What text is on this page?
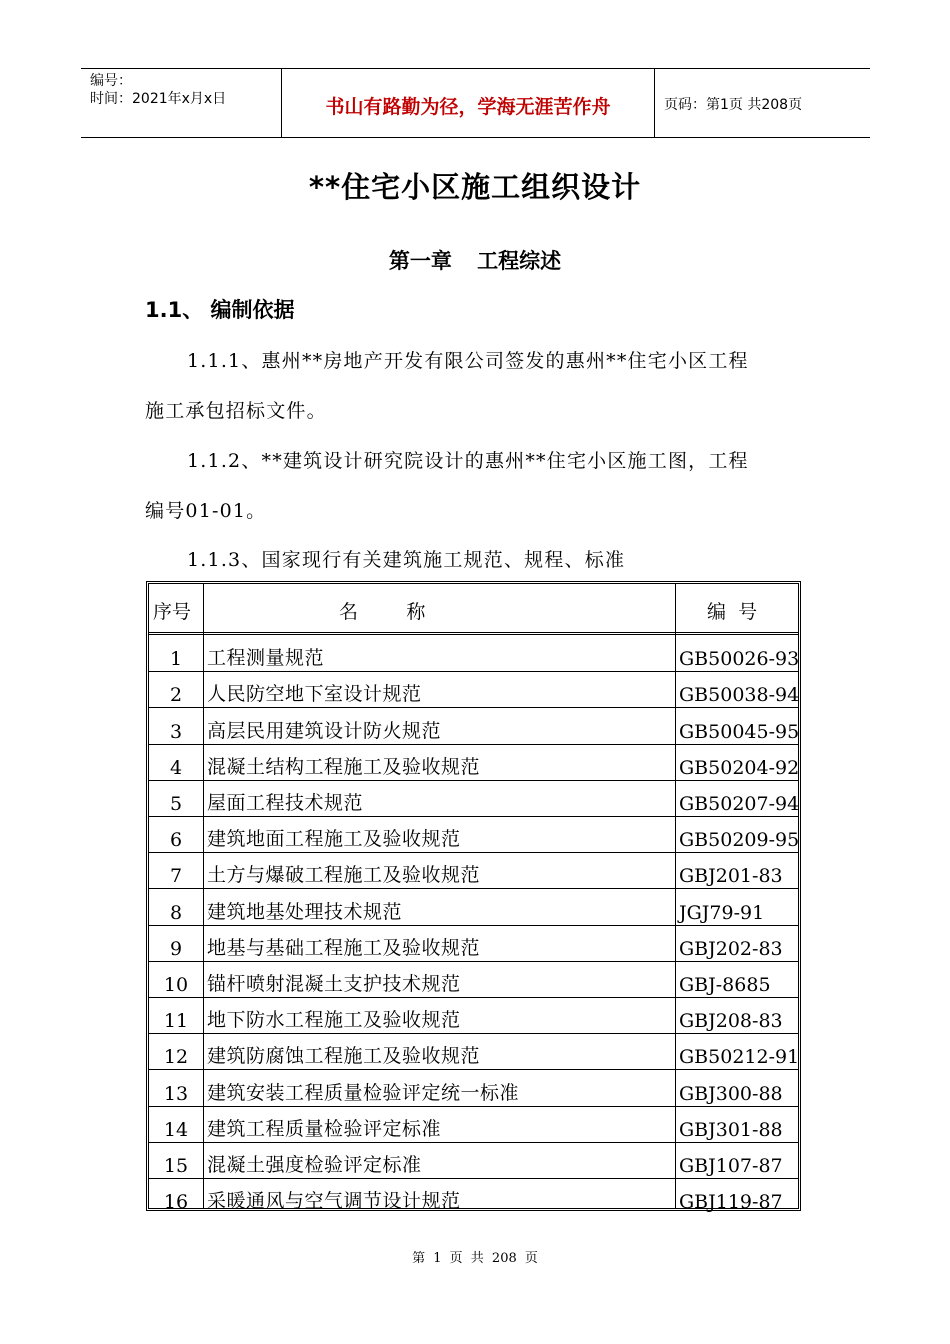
编号：
时间：2021年x月x日	书山有路勤为径，学海无涯苦作舟	页码：第1页 共208页
**住宅小区施工组织设计
第一章 工程综述
1.1、 编制依据
1.1.1、惠州**房地产开发有限公司签发的惠州**住宅小区工程
施工承包招标文件。
1.1.2、**建筑设计研究院设计的惠州**住宅小区施工图，工程
编号01-01。
1.1.3、国家现行有关建筑施工规范、规程、标准
序号	名        称	编  号
1	工程测量规范	GB50026-93
2	人民防空地下室设计规范	GB50038-94
3	高层民用建筑设计防火规范	GB50045-95
4	混凝土结构工程施工及验收规范	GB50204-92
5	屋面工程技术规范	GB50207-94
6	建筑地面工程施工及验收规范	GB50209-95
7	土方与爆破工程施工及验收规范	GBJ201-83
8	建筑地基处理技术规范	JGJ79-91
9	地基与基础工程施工及验收规范	GBJ202-83
10 锚杆喷射混凝土支护技术规范	GBJ-8685
11 地下防水工程施工及验收规范	GBJ208-83
12 建筑防腐蚀工程施工及验收规范	GB50212-91
13 建筑安装工程质量检验评定统一标准	GBJ300-88
14 建筑工程质量检验评定标准	GBJ301-88
15 混凝土强度检验评定标准	GBJ107-87
16 采暖通风与空气调节设计规范	GBJ119-87
第 1 页 共 208 页
